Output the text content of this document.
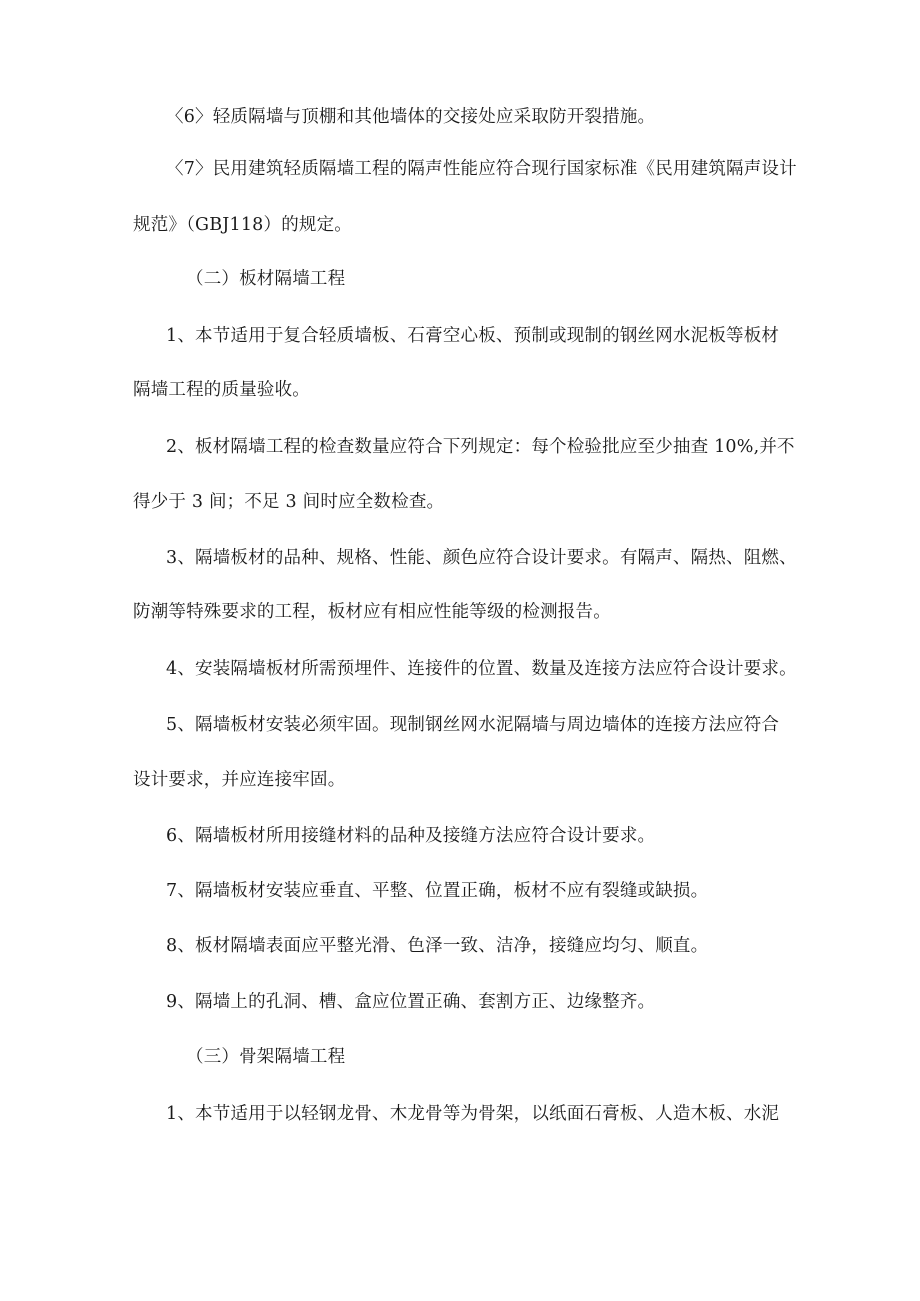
〈6〉轻质隔墙与顶棚和其他墙体的交接处应采取防开裂措施。
〈7〉民用建筑轻质隔墙工程的隔声性能应符合现行国家标准《民用建筑隔声设计
规范》（GBJ118）的规定。
（二）板材隔墙工程
1、本节适用于复合轻质墙板、石膏空心板、预制或现制的钢丝网水泥板等板材
隔墙工程的质量验收。
2、板材隔墙工程的检查数量应符合下列规定：每个检验批应至少抽查 10%,并不
得少于 3 间；不足 3 间时应全数检查。
3、隔墙板材的品种、规格、性能、颜色应符合设计要求。有隔声、隔热、阻燃、
防潮等特殊要求的工程，板材应有相应性能等级的检测报告。
4、安装隔墙板材所需预埋件、连接件的位置、数量及连接方法应符合设计要求。
5、隔墙板材安装必须牢固。现制钢丝网水泥隔墙与周边墙体的连接方法应符合
设计要求，并应连接牢固。
6、隔墙板材所用接缝材料的品种及接缝方法应符合设计要求。
7、隔墙板材安装应垂直、平整、位置正确，板材不应有裂缝或缺损。
8、板材隔墙表面应平整光滑、色泽一致、洁净，接缝应均匀、顺直。
9、隔墙上的孔洞、槽、盒应位置正确、套割方正、边缘整齐。
（三）骨架隔墙工程
1、本节适用于以轻钢龙骨、木龙骨等为骨架，以纸面石膏板、人造木板、水泥
